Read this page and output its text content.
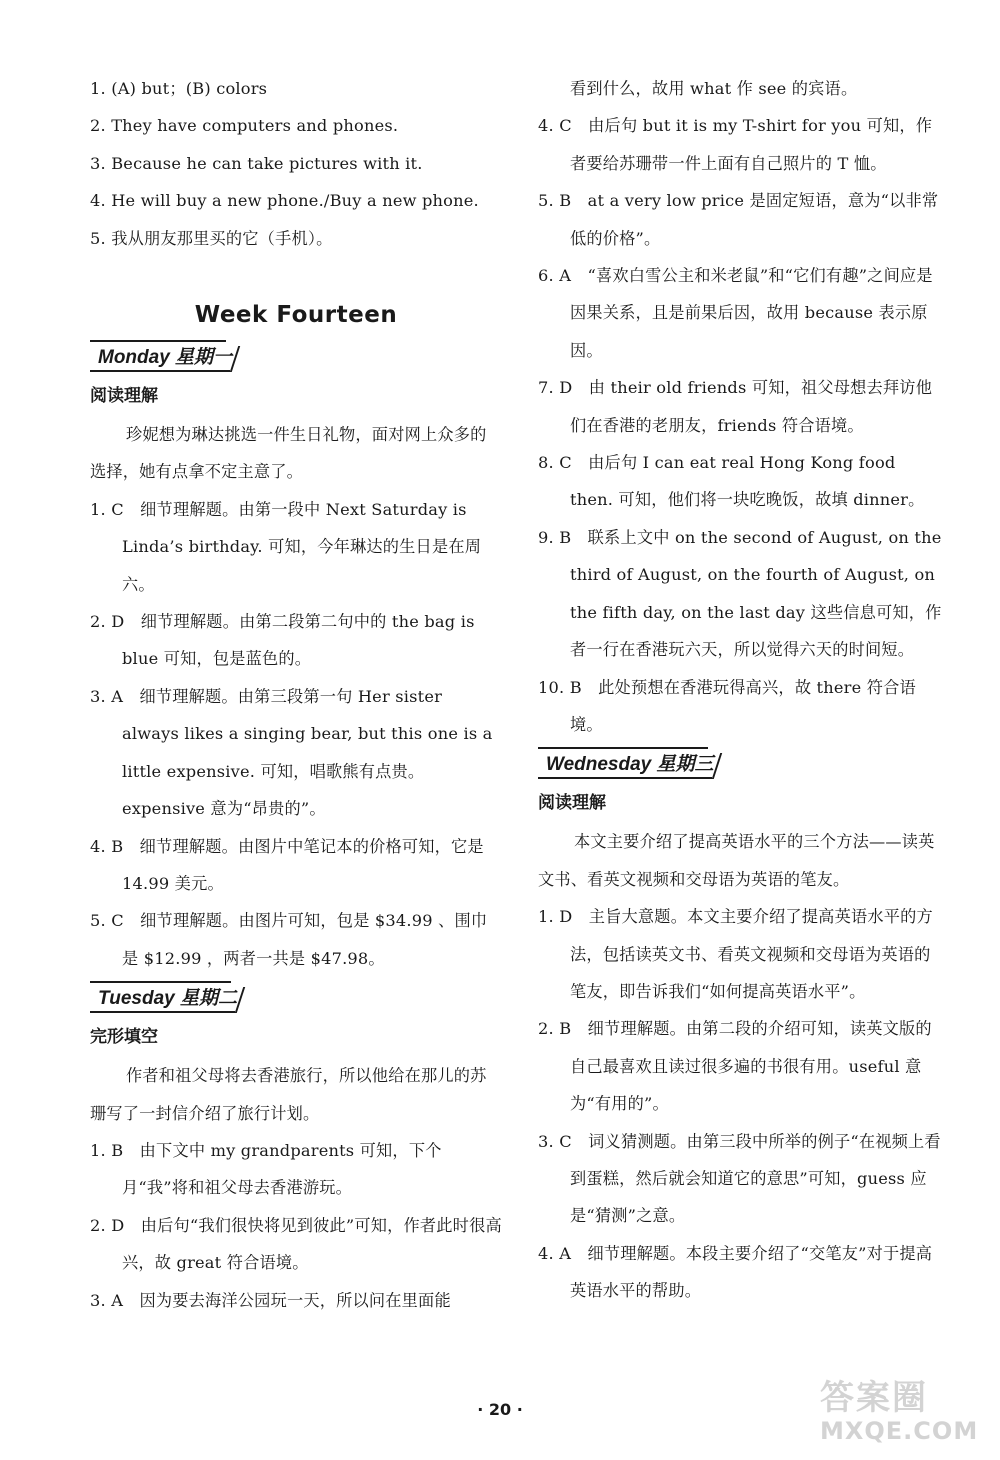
1. (A) but；(B) colors

2. They have computers and phones.

3. Because he can take pictures with it.

4. He will buy a new phone./Buy a new phone.

5. 我从朋友那里买的它（手机）。

Week Fourteen
Monday 星期一
阅读理解

珍妮想为琳达挑选一件生日礼物，面对网上众多的选择，她有点拿不定主意了。

1. C　细节理解题。由第一段中 Next Saturday is Linda’s birthday. 可知，今年琳达的生日是在周六。

2. D　细节理解题。由第二段第二句中的 the bag is blue 可知，包是蓝色的。

3. A　细节理解题。由第三段第一句 Her sister always likes a singing bear, but this one is a little expensive. 可知，唱歌熊有点贵。expensive 意为“昂贵的”。

4. B　细节理解题。由图片中笔记本的价格可知，它是 14.99 美元。

5. C　细节理解题。由图片可知，包是 $34.99 、围巾是 $12.99 ，两者一共是 $47.98。

Tuesday 星期二
完形填空

作者和祖父母将去香港旅行，所以他给在那儿的苏珊写了一封信介绍了旅行计划。

1. B　由下文中 my grandparents 可知，下个月“我”将和祖父母去香港游玩。

2. D　由后句“我们很快将见到彼此”可知，作者此时很高兴，故 great 符合语境。

3. A　因为要去海洋公园玩一天，所以问在里面能

看到什么，故用 what 作 see 的宾语。

4. C　由后句 but it is my T-shirt for you 可知，作者要给苏珊带一件上面有自己照片的 T 恤。

5. B　at a very low price 是固定短语，意为“以非常低的价格”。

6. A　“喜欢白雪公主和米老鼠”和“它们有趣”之间应是因果关系，且是前果后因，故用 because 表示原因。

7. D　由 their old friends 可知，祖父母想去拜访他们在香港的老朋友，friends 符合语境。

8. C　由后句 I can eat real Hong Kong food then. 可知，他们将一块吃晚饭，故填 dinner。

9. B　联系上文中 on the second of August, on the third of August, on the fourth of August, on the fifth day, on the last day 这些信息可知，作者一行在香港玩六天，所以觉得六天的时间短。

10. B　此处预想在香港玩得高兴，故 there 符合语境。

Wednesday 星期三
阅读理解

本文主要介绍了提高英语水平的三个方法——读英文书、看英文视频和交母语为英语的笔友。

1. D　主旨大意题。本文主要介绍了提高英语水平的方法，包括读英文书、看英文视频和交母语为英语的笔友，即告诉我们“如何提高英语水平”。

2. B　细节理解题。由第二段的介绍可知，读英文版的自己最喜欢且读过很多遍的书很有用。useful 意为“有用的”。

3. C　词义猜测题。由第三段中所举的例子“在视频上看到蛋糕，然后就会知道它的意思”可知，guess 应是“猜测”之意。

4. A　细节理解题。本段主要介绍了“交笔友”对于提高英语水平的帮助。

· 20 ·	答案圈
MXQE.COM
